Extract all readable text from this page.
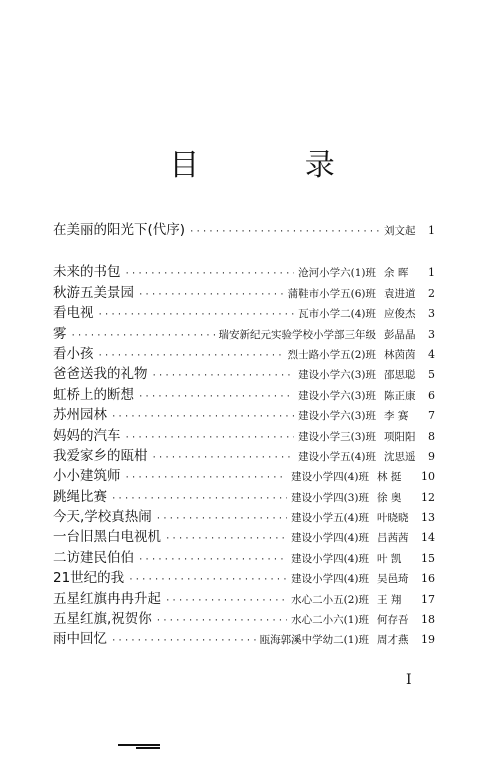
目 录
在美丽的阳光下(代序) ·····	刘文起	1
未来的书包 ·····	沧河小学六(1)班 余 晖	1
秋游五美景园 ·····	蒲鞋市小学五(6)班 袁进道	2
看电视 ·····	瓦市小学二(4)班 应俊杰	3
雾 ·····	瑞安新纪元实验学校小学部三年级 彭晶晶	3
看小孩 ·····	烈士路小学五(2)班 林茵茵	4
爸爸送我的礼物 ·····	建设小学六(3)班 邵思聪	5
虹桥上的断想 ·····	建设小学六(3)班 陈正康	6
苏州园林 ·····	建设小学六(3)班 李 赛	7
妈妈的汽车 ·····	建设小学三(3)班 项阳阳	8
我爱家乡的瓯柑 ·····	建设小学五(4)班 沈思遥	9
小小建筑师 ·····	建设小学四(4)班 林 挺	10
跳绳比赛 ·····	建设小学四(3)班 徐 奥	12
今天,学校真热闹 ·····	建设小学五(4)班 叶晓晓	13
一台旧黑白电视机 ·····	建设小学四(4)班 吕茜茜	14
二访建民伯伯 ·····	建设小学四(4)班 叶 凯	15
21世纪的我 ·····	建设小学四(4)班 吴邑琦	16
五星红旗冉冉升起 ·····	水心二小五(2)班 王 翔	17
五星红旗,祝贺你 ·····	水心二小六(1)班 何存吾	18
雨中回忆 ·····	瓯海郭溪中学幼二(1)班 周才燕	19
I
